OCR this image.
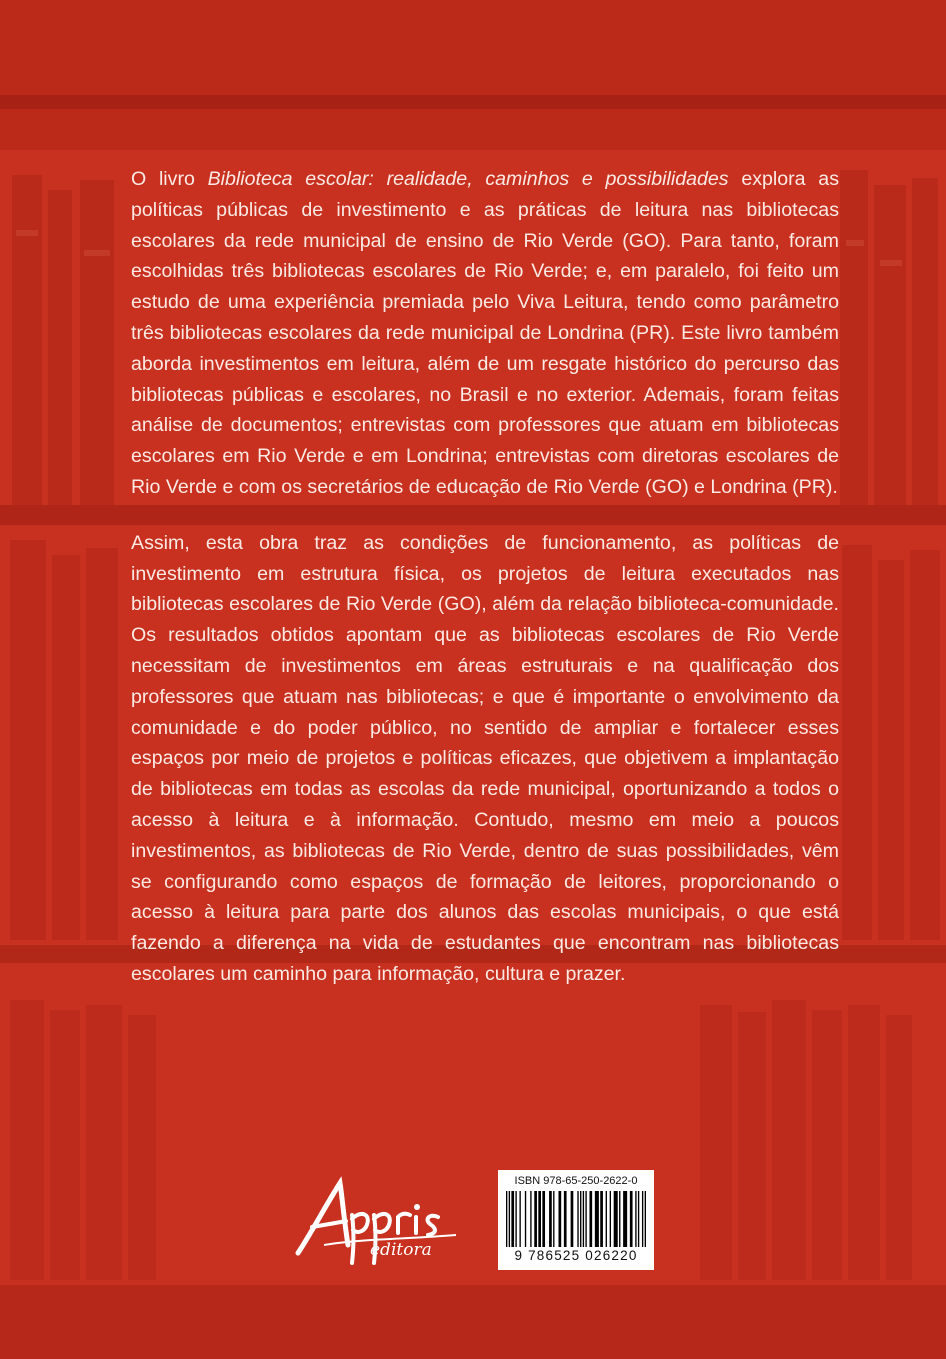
O livro Biblioteca escolar: realidade, caminhos e possibilidades explora as políticas públicas de investimento e as práticas de leitura nas bibliotecas escolares da rede municipal de ensino de Rio Verde (GO). Para tanto, foram escolhidas três bibliotecas escolares de Rio Verde; e, em paralelo, foi feito um estudo de uma experiência premiada pelo Viva Leitura, tendo como parâmetro três bibliotecas escolares da rede municipal de Londrina (PR). Este livro também aborda investimentos em leitura, além de um resgate histórico do percurso das bibliotecas públicas e escolares, no Brasil e no exterior. Ademais, foram feitas análise de documentos; entrevistas com professores que atuam em bibliotecas escolares em Rio Verde e em Londrina; entrevistas com diretoras escolares de Rio Verde e com os secretários de educação de Rio Verde (GO) e Londrina (PR).

Assim, esta obra traz as condições de funcionamento, as políticas de investimento em estrutura física, os projetos de leitura executados nas bibliotecas escolares de Rio Verde (GO), além da relação biblioteca-comunidade. Os resultados obtidos apontam que as bibliotecas escolares de Rio Verde necessitam de investimentos em áreas estruturais e na qualificação dos professores que atuam nas bibliotecas; e que é importante o envolvimento da comunidade e do poder público, no sentido de ampliar e fortalecer esses espaços por meio de projetos e políticas eficazes, que objetivem a implantação de bibliotecas em todas as escolas da rede municipal, oportunizando a todos o acesso à leitura e à informação. Contudo, mesmo em meio a poucos investimentos, as bibliotecas de Rio Verde, dentro de suas possibilidades, vêm se configurando como espaços de formação de leitores, proporcionando o acesso à leitura para parte dos alunos das escolas municipais, o que está fazendo a diferença na vida de estudantes que encontram nas bibliotecas escolares um caminho para informação, cultura e prazer.

editora
ISBN 978-65-250-2622-0
9 786525 026220
